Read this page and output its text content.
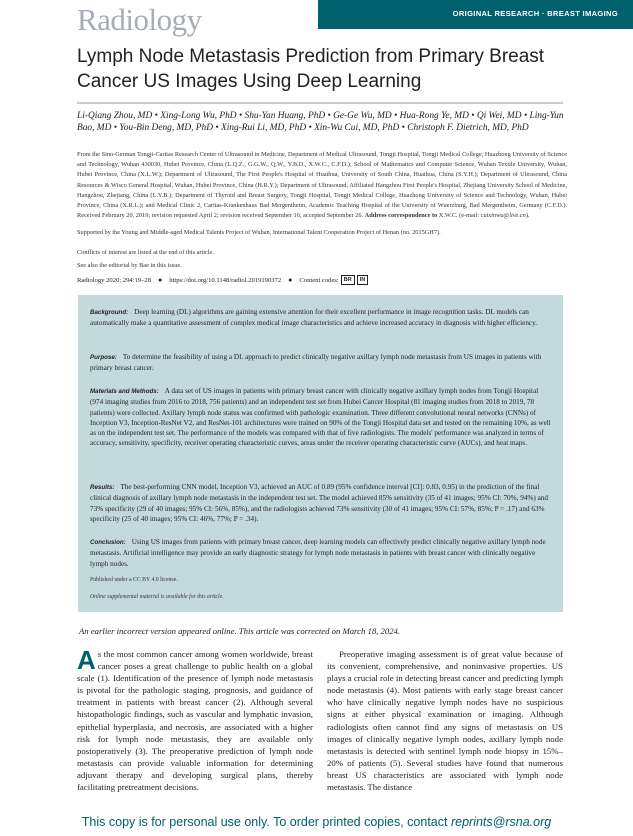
Radiology	ORIGINAL RESEARCH · BREAST IMAGING
Lymph Node Metastasis Prediction from Primary Breast Cancer US Images Using Deep Learning
Li-Qiang Zhou, MD • Xing-Long Wu, PhD • Shu-Yan Huang, PhD • Ge-Ge Wu, MD • Hua-Rong Ye, MD • Qi Wei, MD • Ling-Yun Bao, MD • You-Bin Deng, MD, PhD • Xing-Rui Li, MD, PhD • Xin-Wu Cui, MD, PhD • Christoph F. Dietrich, MD, PhD
From the Sino-German Tongji-Caritas Research Center of Ultrasound in Medicine, Department of Medical Ultrasound, Tongji Hospital, Tongji Medical College, Huazhong University of Science and Technology, Wuhan 430030, Hubei Province, China (L.Q.Z., G.G.W., Q.W., Y.B.D., X.W.C., C.F.D.); School of Mathematics and Computer Science, Wuhan Textile University, Wuhan, Hubei Province, China (X.L.W.); Department of Ultrasound, The First People's Hospital of Huaihua, University of South China, Huaihua, China (S.Y.H.); Department of Ultrasound, China Resources & Wisco General Hospital, Wuhan, Hubei Province, China (H.R.Y.); Department of Ultrasound, Affiliated Hangzhou First People's Hospital, Zhejiang University School of Medicine, Hangzhou, Zhejiang, China (L.Y.B.); Department of Thyroid and Breast Surgery, Tongji Hospital, Tongji Medical College, Huazhong University of Science and Technology, Wuhan, Hubei Province, China (X.R.L.); and Medical Clinic 2, Caritas-Krankenhaus Bad Mergentheim, Academic Teaching Hospital of the University of Wuerzburg, Bad Mergentheim, Germany (C.F.D.). Received February 20, 2019; revision requested April 2; revision received September 16; accepted September 26. Address correspondence to X.W.C. (e-mail: cuixinwu@live.cn).
Supported by the Young and Middle-aged Medical Talents Project of Wuhan, International Talent Cooperation Project of Henan (no. 2015GH7).
Conflicts of interest are listed at the end of this article.
See also the editorial by Bae in this issue.
Radiology 2020; 294:19–28 ● https://doi.org/10.1148/radiol.2019190372 ● Content codes: BR	IN
Background: Deep learning (DL) algorithms are gaining extensive attention for their excellent performance in image recognition tasks. DL models can automatically make a quantitative assessment of complex medical image characteristics and achieve increased accuracy in diagnosis with higher efficiency.
Purpose: To determine the feasibility of using a DL approach to predict clinically negative axillary lymph node metastasis from US images in patients with primary breast cancer.
Materials and Methods: A data set of US images in patients with primary breast cancer with clinically negative axillary lymph nodes from Tongji Hospital (974 imaging studies from 2016 to 2018, 756 patients) and an independent test set from Hubei Cancer Hospital (81 imaging studies from 2018 to 2019, 78 patients) were collected. Axillary lymph node status was confirmed with pathologic examination. Three different convolutional neural networks (CNNs) of Inception V3, Inception-ResNet V2, and ResNet-101 architectures were trained on 90% of the Tongji Hospital data set and tested on the remaining 10%, as well as on the independent test set. The performance of the models was compared with that of five radiologists. The models' performance was analyzed in terms of accuracy, sensitivity, specificity, receiver operating characteristic curves, areas under the receiver operating characteristic curve (AUCs), and heat maps.
Results: The best-performing CNN model, Inception V3, achieved an AUC of 0.89 (95% confidence interval [CI]: 0.83, 0.95) in the prediction of the final clinical diagnosis of axillary lymph node metastasis in the independent test set. The model achieved 85% sensitivity (35 of 41 images; 95% CI: 70%, 94%) and 73% specificity (29 of 40 images; 95% CI: 56%, 85%), and the radiologists achieved 73% sensitivity (30 of 41 images; 95% CI: 57%, 85%; P = .17) and 63% specificity (25 of 40 images; 95% CI: 46%, 77%; P = .34).
Conclusion: Using US images from patients with primary breast cancer, deep learning models can effectively predict clinically negative axillary lymph node metastasis. Artificial intelligence may provide an early diagnostic strategy for lymph node metastasis in patients with breast cancer with clinically negative lymph nodes.
Published under a CC BY 4.0 license.
Online supplemental material is available for this article.
An earlier incorrect version appeared online. This article was corrected on March 18, 2024.
As the most common cancer among women worldwide, breast cancer poses a great challenge to public health on a global scale (1). Identification of the presence of lymph node metastasis is pivotal for the pathologic staging, prognosis, and guidance of treatment in patients with breast cancer (2). Although several histopathologic findings, such as vascular and lymphatic invasion, epithelial hyperplasia, and necrosis, are associated with a higher risk for lymph node metastasis, they are available only postoperatively (3). The preoperative prediction of lymph node metastasis can provide valuable information for determining adjuvant therapy and developing surgical plans, thereby facilitating pretreatment decisions.
Preoperative imaging assessment is of great value because of its convenient, comprehensive, and noninvasive properties. US plays a crucial role in detecting breast cancer and predicting lymph node metastasis (4). Most patients with early stage breast cancer who have clinically negative lymph nodes have no suspicious signs at either physical examination or imaging. Although radiologists often cannot find any signs of metastasis on US images of clinically negative lymph nodes, axillary lymph node metastasis is detected with sentinel lymph node biopsy in 15%–20% of patients (5). Several studies have found that numerous breast US characteristics are associated with lymph node metastasis. The distance
This copy is for personal use only. To order printed copies, contact reprints@rsna.org
